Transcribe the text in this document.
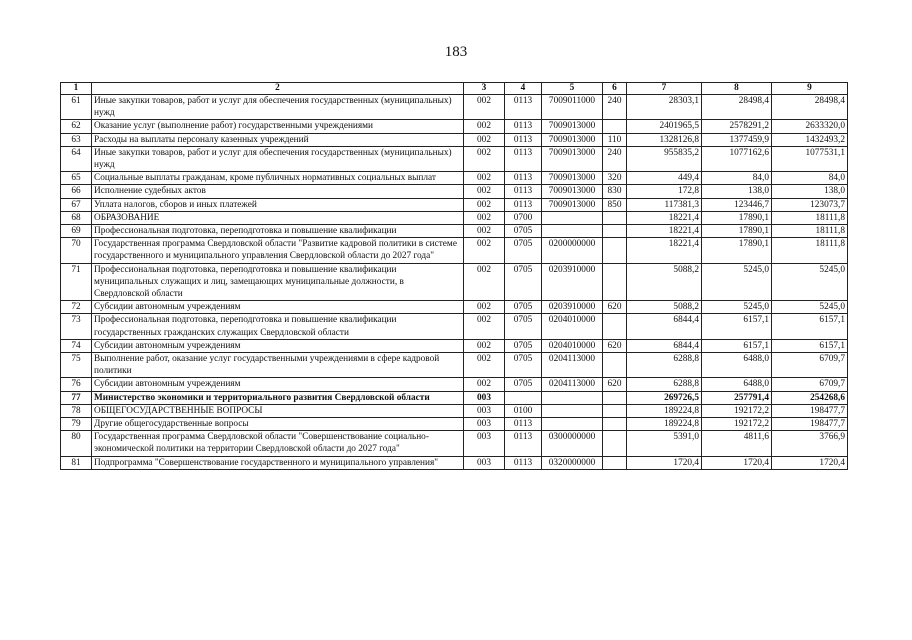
183
1	2	3	4	5	6	7	8	9
61	Иные закупки товаров, работ и услуг для обеспечения государственных (муниципальных) нужд	002	0113	7009011000	240	28303,1	28498,4	28498,4
62	Оказание услуг (выполнение работ) государственными учреждениями	002	0113	7009013000		2401965,5	2578291,2	2633320,0
63	Расходы на выплаты персоналу казенных учреждений	002	0113	7009013000	110	1328126,8	1377459,9	1432493,2
64	Иные закупки товаров, работ и услуг для обеспечения государственных (муниципальных) нужд	002	0113	7009013000	240	955835,2	1077162,6	1077531,1
65	Социальные выплаты гражданам, кроме публичных нормативных социальных выплат	002	0113	7009013000	320	449,4	84,0	84,0
66	Исполнение судебных актов	002	0113	7009013000	830	172,8	138,0	138,0
67	Уплата налогов, сборов и иных платежей	002	0113	7009013000	850	117381,3	123446,7	123073,7
68	ОБРАЗОВАНИЕ	002	0700			18221,4	17890,1	18111,8
69	Профессиональная подготовка, переподготовка и повышение квалификации	002	0705			18221,4	17890,1	18111,8
70	Государственная программа Свердловской области "Развитие кадровой политики в системе государственного и муниципального управления Свердловской области до 2027 года"	002	0705	0200000000		18221,4	17890,1	18111,8
71	Профессиональная подготовка, переподготовка и повышение квалификации муниципальных служащих и лиц, замещающих муниципальные должности, в Свердловской области	002	0705	0203910000		5088,2	5245,0	5245,0
72	Субсидии автономным учреждениям	002	0705	0203910000	620	5088,2	5245,0	5245,0
73	Профессиональная подготовка, переподготовка и повышение квалификации государственных гражданских служащих Свердловской области	002	0705	0204010000		6844,4	6157,1	6157,1
74	Субсидии автономным учреждениям	002	0705	0204010000	620	6844,4	6157,1	6157,1
75	Выполнение работ, оказание услуг государственными учреждениями в сфере кадровой политики	002	0705	0204113000		6288,8	6488,0	6709,7
76	Субсидии автономным учреждениям	002	0705	0204113000	620	6288,8	6488,0	6709,7
77	Министерство экономики и территориального развития Свердловской области	003				269726,5	257791,4	254268,6
78	ОБЩЕГОСУДАРСТВЕННЫЕ ВОПРОСЫ	003	0100			189224,8	192172,2	198477,7
79	Другие общегосударственные вопросы	003	0113			189224,8	192172,2	198477,7
80	Государственная программа Свердловской области "Совершенствование социально-экономической политики на территории Свердловской области до 2027 года"	003	0113	0300000000		5391,0	4811,6	3766,9
81	Подпрограмма "Совершенствование государственного и муниципального управления"	003	0113	0320000000		1720,4	1720,4	1720,4
